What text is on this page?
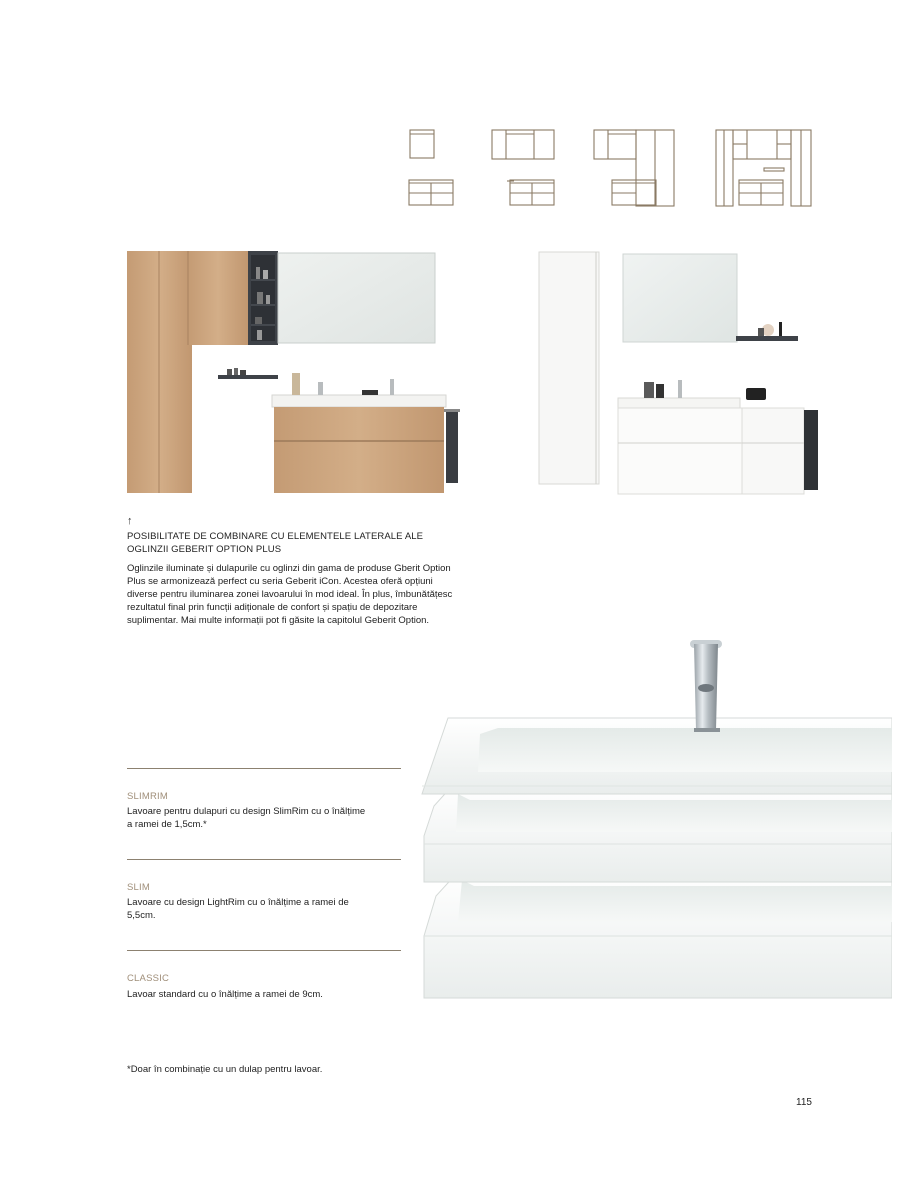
↑
POSIBILITATE DE COMBINARE CU ELEMENTELE LATERALE ALE OGLINZII GEBERIT OPTION PLUS
Oglinzile iluminate și dulapurile cu oglinzi din gama de produse Gberit Option Plus se armonizează perfect cu seria Geberit iCon. Acestea oferă opțiuni diverse pentru iluminarea zonei lavoarului în mod ideal. În plus, îmbunătățesc rezultatul final prin funcții adiționale de confort și spațiu de depozitare suplimentar. Mai multe informații pot fi găsite la capitolul Geberit Option.
SLIMRIM
Lavoare pentru dulapuri cu design SlimRim cu o înălțime a ramei de 1,5cm.*
SLIM
Lavoare cu design LightRim cu o înălțime a ramei de 5,5cm.
CLASSIC
Lavoar standard cu o înălțime a ramei de 9cm.
*Doar în combinație cu un dulap pentru lavoar.
115
